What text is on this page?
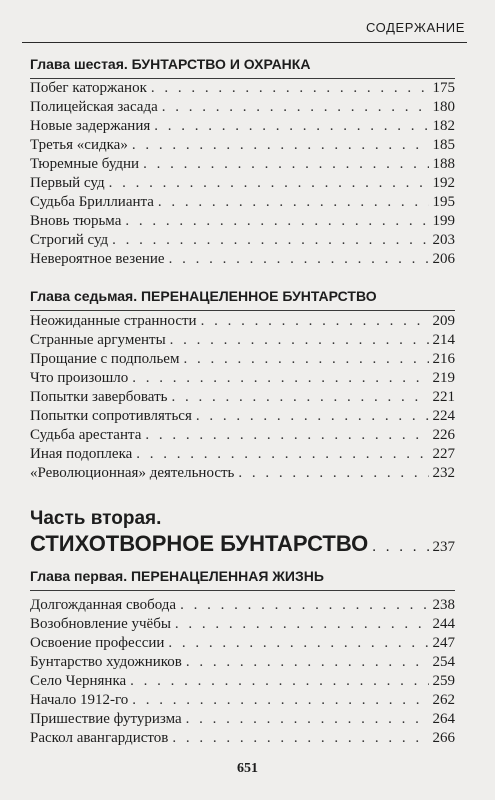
СОДЕРЖАНИЕ
Глава шестая. БУНТАРСТВО И ОХРАНКА
Побег каторжанок . . .	175
Полицейская засада . . .	180
Новые задержания . . .	182
Третья «сидка» . . .	185
Тюремные будни . . .	188
Первый суд . . .	192
Судьба Бриллианта . . .	195
Вновь тюрьма . . .	199
Строгий суд . . .	203
Невероятное везение . . .	206
Глава седьмая. ПЕРЕНАЦЕЛЕННОЕ БУНТАРСТВО
Неожиданные странности . . .	209
Странные аргументы . . .	214
Прощание с подпольем . . .	216
Что произошло . . .	219
Попытки завербовать . . .	221
Попытки сопротивляться . . .	224
Судьба арестанта . . .	226
Иная подоплека . . .	227
«Революционная» деятельность . . .	232
Часть вторая.
СТИХОТВОРНОЕ БУНТАРСТВО . . .	237
Глава первая. ПЕРЕНАЦЕЛЕННАЯ ЖИЗНЬ
Долгожданная свобода . . .	238
Возобновление учёбы . . .	244
Освоение профессии . . .	247
Бунтарство художников . . .	254
Село Чернянка . . .	259
Начало 1912-го . . .	262
Пришествие футуризма . . .	264
Раскол авангардистов . . .	266
651
